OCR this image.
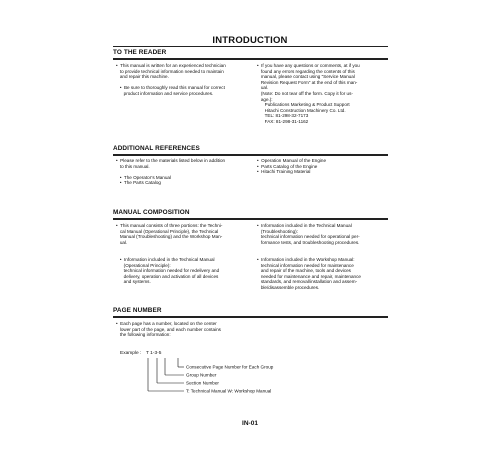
INTRODUCTION
TO THE READER
•  This manual is written for an experienced technician
to provide technical information needed to maintain
and repair this machine.

•  Be sure to thoroughly read this manual for correct
product information and service procedures.
•  If you have any questions or comments, at if you
found any errors regarding the contents of this
manual, please contact using “Service Manual
Revision Request Form” at the end of this man-
ual.
(Note: Do not tear off the form. Copy it for us-
age.):
Publications Marketing & Product Support
Hitachi Construction Machinery Co. Ltd.
TEL: 81-298-32-7173
FAX: 81-298-31-1162
ADDITIONAL REFERENCES
•  Please refer to the materials listed below in addition
to this manual.

•  The Operator’s Manual
•  The Parts Catalog
•  Operation Manual of the Engine
•  Parts Catalog of the Engine
•  Hitachi Training Material
MANUAL COMPOSITION
•  This manual consists of three portions: the Techni-
cal Manual (Operational Principle), the Technical
Manual (Troubleshooting) and the Workshop Man-
ual.
•  Information included in the Technical Manual
(Operational Principle):
technical information needed for redelivery and
delivery, operation and activation of all devices
and systems.
•  Information included in the Technical Manual
(Troubleshooting):
technical information needed for operational per-
formance tests, and troubleshooting procedures.
•  Information included in the Workshop Manual:
technical information needed for maintenance
and repair of the machine, tools and devices
needed for maintenance and repair, maintenance
standards, and removal/installation and assem-
ble/disassemble procedures.
PAGE NUMBER
•  Each page has a number, located on the center
lower part of the page, and each number contains
the following information:
Example : T 1-3-5
Consecutive Page Number for Each Group
Group Number
Section Number
T: Technical Manual W: Workshop Manual
IN-01
